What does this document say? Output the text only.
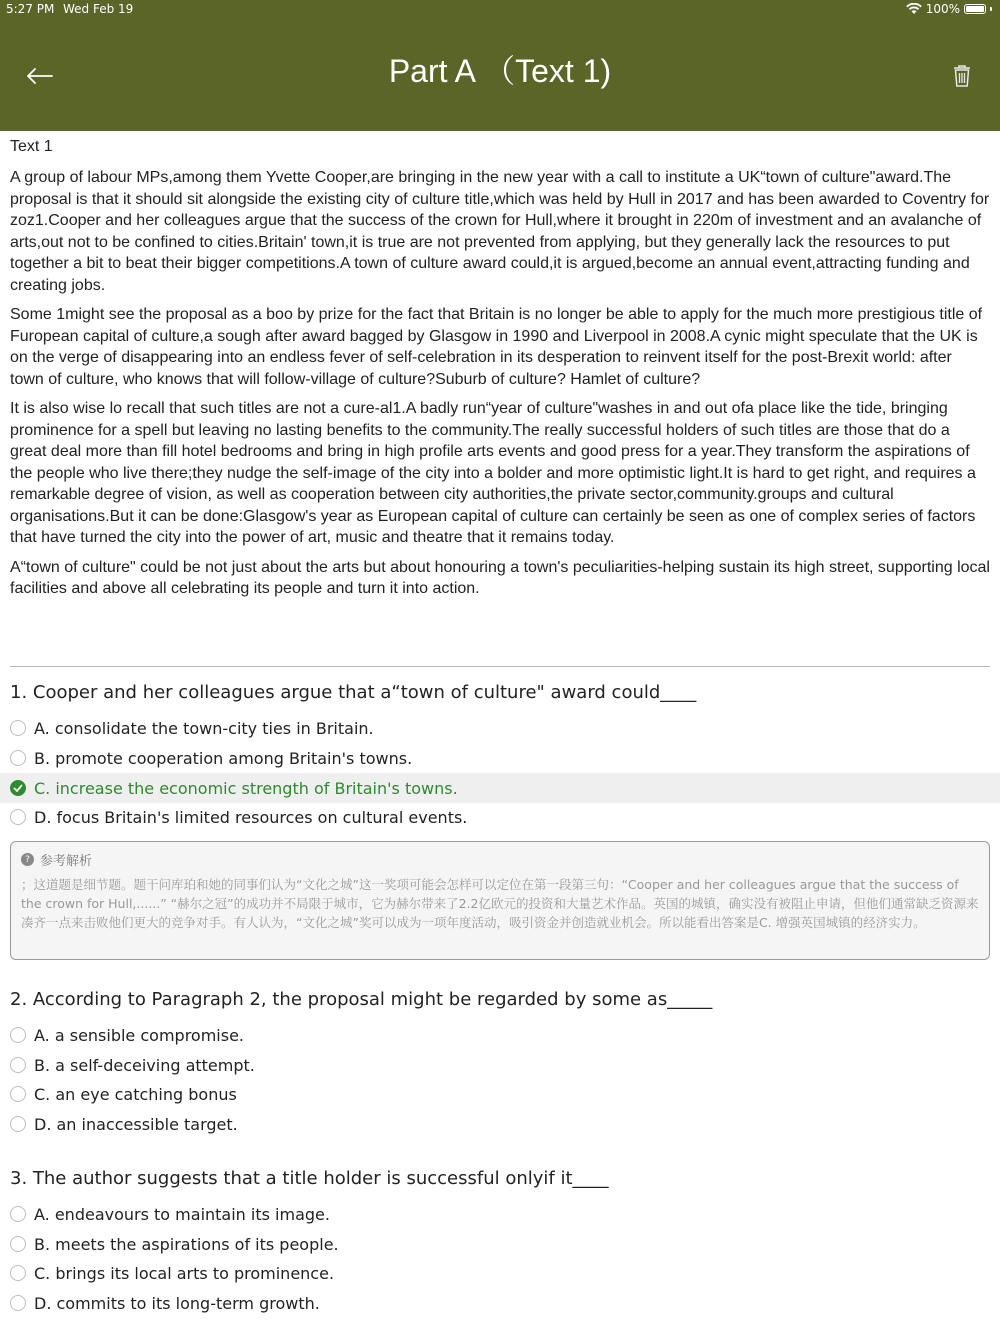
5:27 PM Wed Feb 19	100%
Part A （Text 1)
Text 1

A group of labour MPs,among them Yvette Cooper,are bringing in the new year with a call to institute a UK“town of culture"award.The proposal is that it should sit alongside the existing city of culture title,which was held by Hull in 2017 and has been awarded to Coventry for zoz1.Cooper and her colleagues argue that the success of the crown for Hull,where it brought in 220m of investment and an avalanche of arts,out not to be confined to cities.Britain' town,it is true are not prevented from applying, but they generally lack the resources to put together a bit to beat their bigger competitions.A town of culture award could,it is argued,become an annual event,attracting funding and creating jobs.

Some 1might see the proposal as a boo by prize for the fact that Britain is no longer be able to apply for the much more prestigious title of Furopean capital of culture,a sough after award bagged by Glasgow in 1990 and Liverpool in 2008.A cynic might speculate that the UK is on the verge of disappearing into an endless fever of self-celebration in its desperation to reinvent itself for the post-Brexit world: after town of culture, who knows that will follow-village of culture?Suburb of culture? Hamlet of culture?

It is also wise lo recall that such titles are not a cure-al1.A badly run“year of culture"washes in and out ofa place like the tide, bringing prominence for a spell but leaving no lasting benefits to the community.The really successful holders of such titles are those that do a great deal more than fill hotel bedrooms and bring in high profile arts events and good press for a year.They transform the aspirations of the people who live there;they nudge the self-image of the city into a bolder and more optimistic light.It is hard to get right, and requires a remarkable degree of vision, as well as cooperation between city authorities,the private sector,community.groups and cultural organisations.But it can be done:Glasgow's year as European capital of culture can certainly be seen as one of complex series of factors that have turned the city into the power of art, music and theatre that it remains today.

A“town of culture" could be not just about the arts but about honouring a town's peculiarities-helping sustain its high street, supporting local facilities and above all celebrating its people and turn it into action.

1. Cooper and her colleagues argue that a“town of culture" award could____
A. consolidate the town-city ties in Britain.
B. promote cooperation among Britain's towns.
C. increase the economic strength of Britain's towns.
D. focus Britain's limited resources on cultural events.
? 参考解析
；这道题是细节题。题干问库珀和她的同事们认为“文化之城”这一奖项可能会怎样可以定位在第一段第三句：“Cooper and her colleagues argue that the success of the crown for Hull,......” “赫尔之冠”的成功并不局限于城市，它为赫尔带来了2.2亿欧元的投资和大量艺术作品。英国的城镇，确实没有被阻止申请，但他们通常缺乏资源来凑齐一点来击败他们更大的竞争对手。有人认为，“文化之城”奖可以成为一项年度活动，吸引资金并创造就业机会。所以能看出答案是C. 增强英国城镇的经济实力。
2. According to Paragraph 2, the proposal might be regarded by some as_____
A. a sensible compromise.
B. a self-deceiving attempt.
C. an eye catching bonus
D. an inaccessible target.
3. The author suggests that a title holder is successful onlyif it____
A. endeavours to maintain its image.
B. meets the aspirations of its people.
C. brings its local arts to prominence.
D. commits to its long-term growth.
